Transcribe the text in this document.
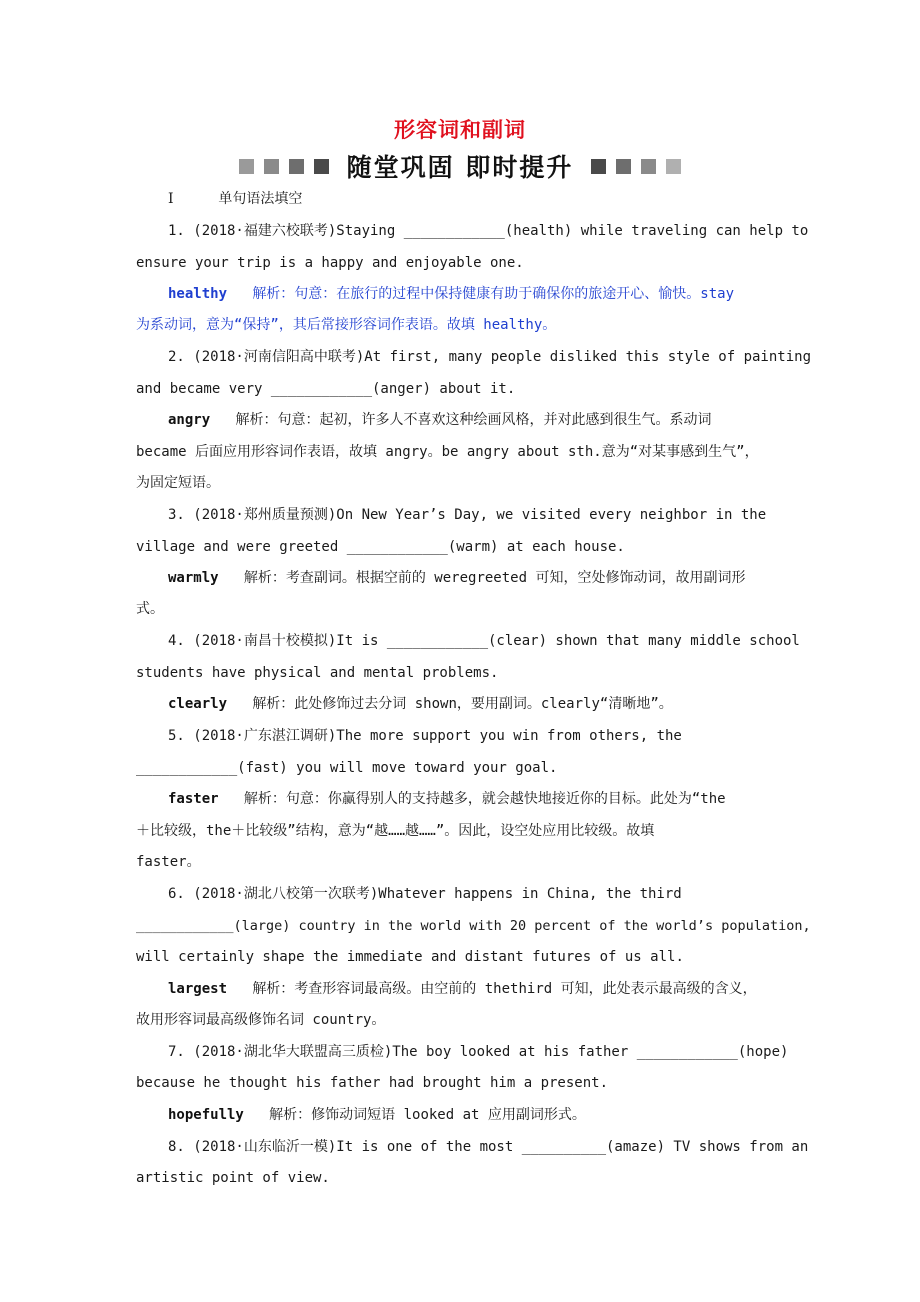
形容词和副词
随堂巩固 即时提升
Ⅰ	单句语法填空
1. (2018·福建六校联考)Staying ____________(health) while traveling can help to
ensure your trip is a happy and enjoyable one.
healthy 解析：句意：在旅行的过程中保持健康有助于确保你的旅途开心、愉快。stay
为系动词，意为“保持”，其后常接形容词作表语。故填 healthy。
2. (2018·河南信阳高中联考)At first, many people disliked this style of painting
and became very ____________(anger) about it.
angry 解析：句意：起初，许多人不喜欢这种绘画风格，并对此感到很生气。系动词
became 后面应用形容词作表语，故填 angry。be angry about sth.意为“对某事感到生气”，
为固定短语。
3. (2018·郑州质量预测)On New Year’s Day, we visited every neighbor in the
village and were greeted ____________(warm) at each house.
warmly 解析：考查副词。根据空前的 weregreeted 可知，空处修饰动词，故用副词形
式。
4. (2018·南昌十校模拟)It is ____________(clear) shown that many middle school
students have physical and mental problems.
clearly 解析：此处修饰过去分词 shown，要用副词。clearly“清晰地”。
5. (2018·广东湛江调研)The more support you win from others, the
____________(fast) you will move toward your goal.
faster 解析：句意：你赢得别人的支持越多，就会越快地接近你的目标。此处为“the
＋比较级，the＋比较级”结构，意为“越……越……”。因此，设空处应用比较级。故填
faster。
6. (2018·湖北八校第一次联考)Whatever happens in China, the third
____________(large) country in the world with 20 percent of the world’s population,
will certainly shape the immediate and distant futures of us all.
largest 解析：考查形容词最高级。由空前的 thethird 可知，此处表示最高级的含义，
故用形容词最高级修饰名词 country。
7. (2018·湖北华大联盟高三质检)The boy looked at his father ____________(hope)
because he thought his father had brought him a present.
hopefully 解析：修饰动词短语 looked at 应用副词形式。
8. (2018·山东临沂一模)It is one of the most __________(amaze) TV shows from an
artistic point of view.
